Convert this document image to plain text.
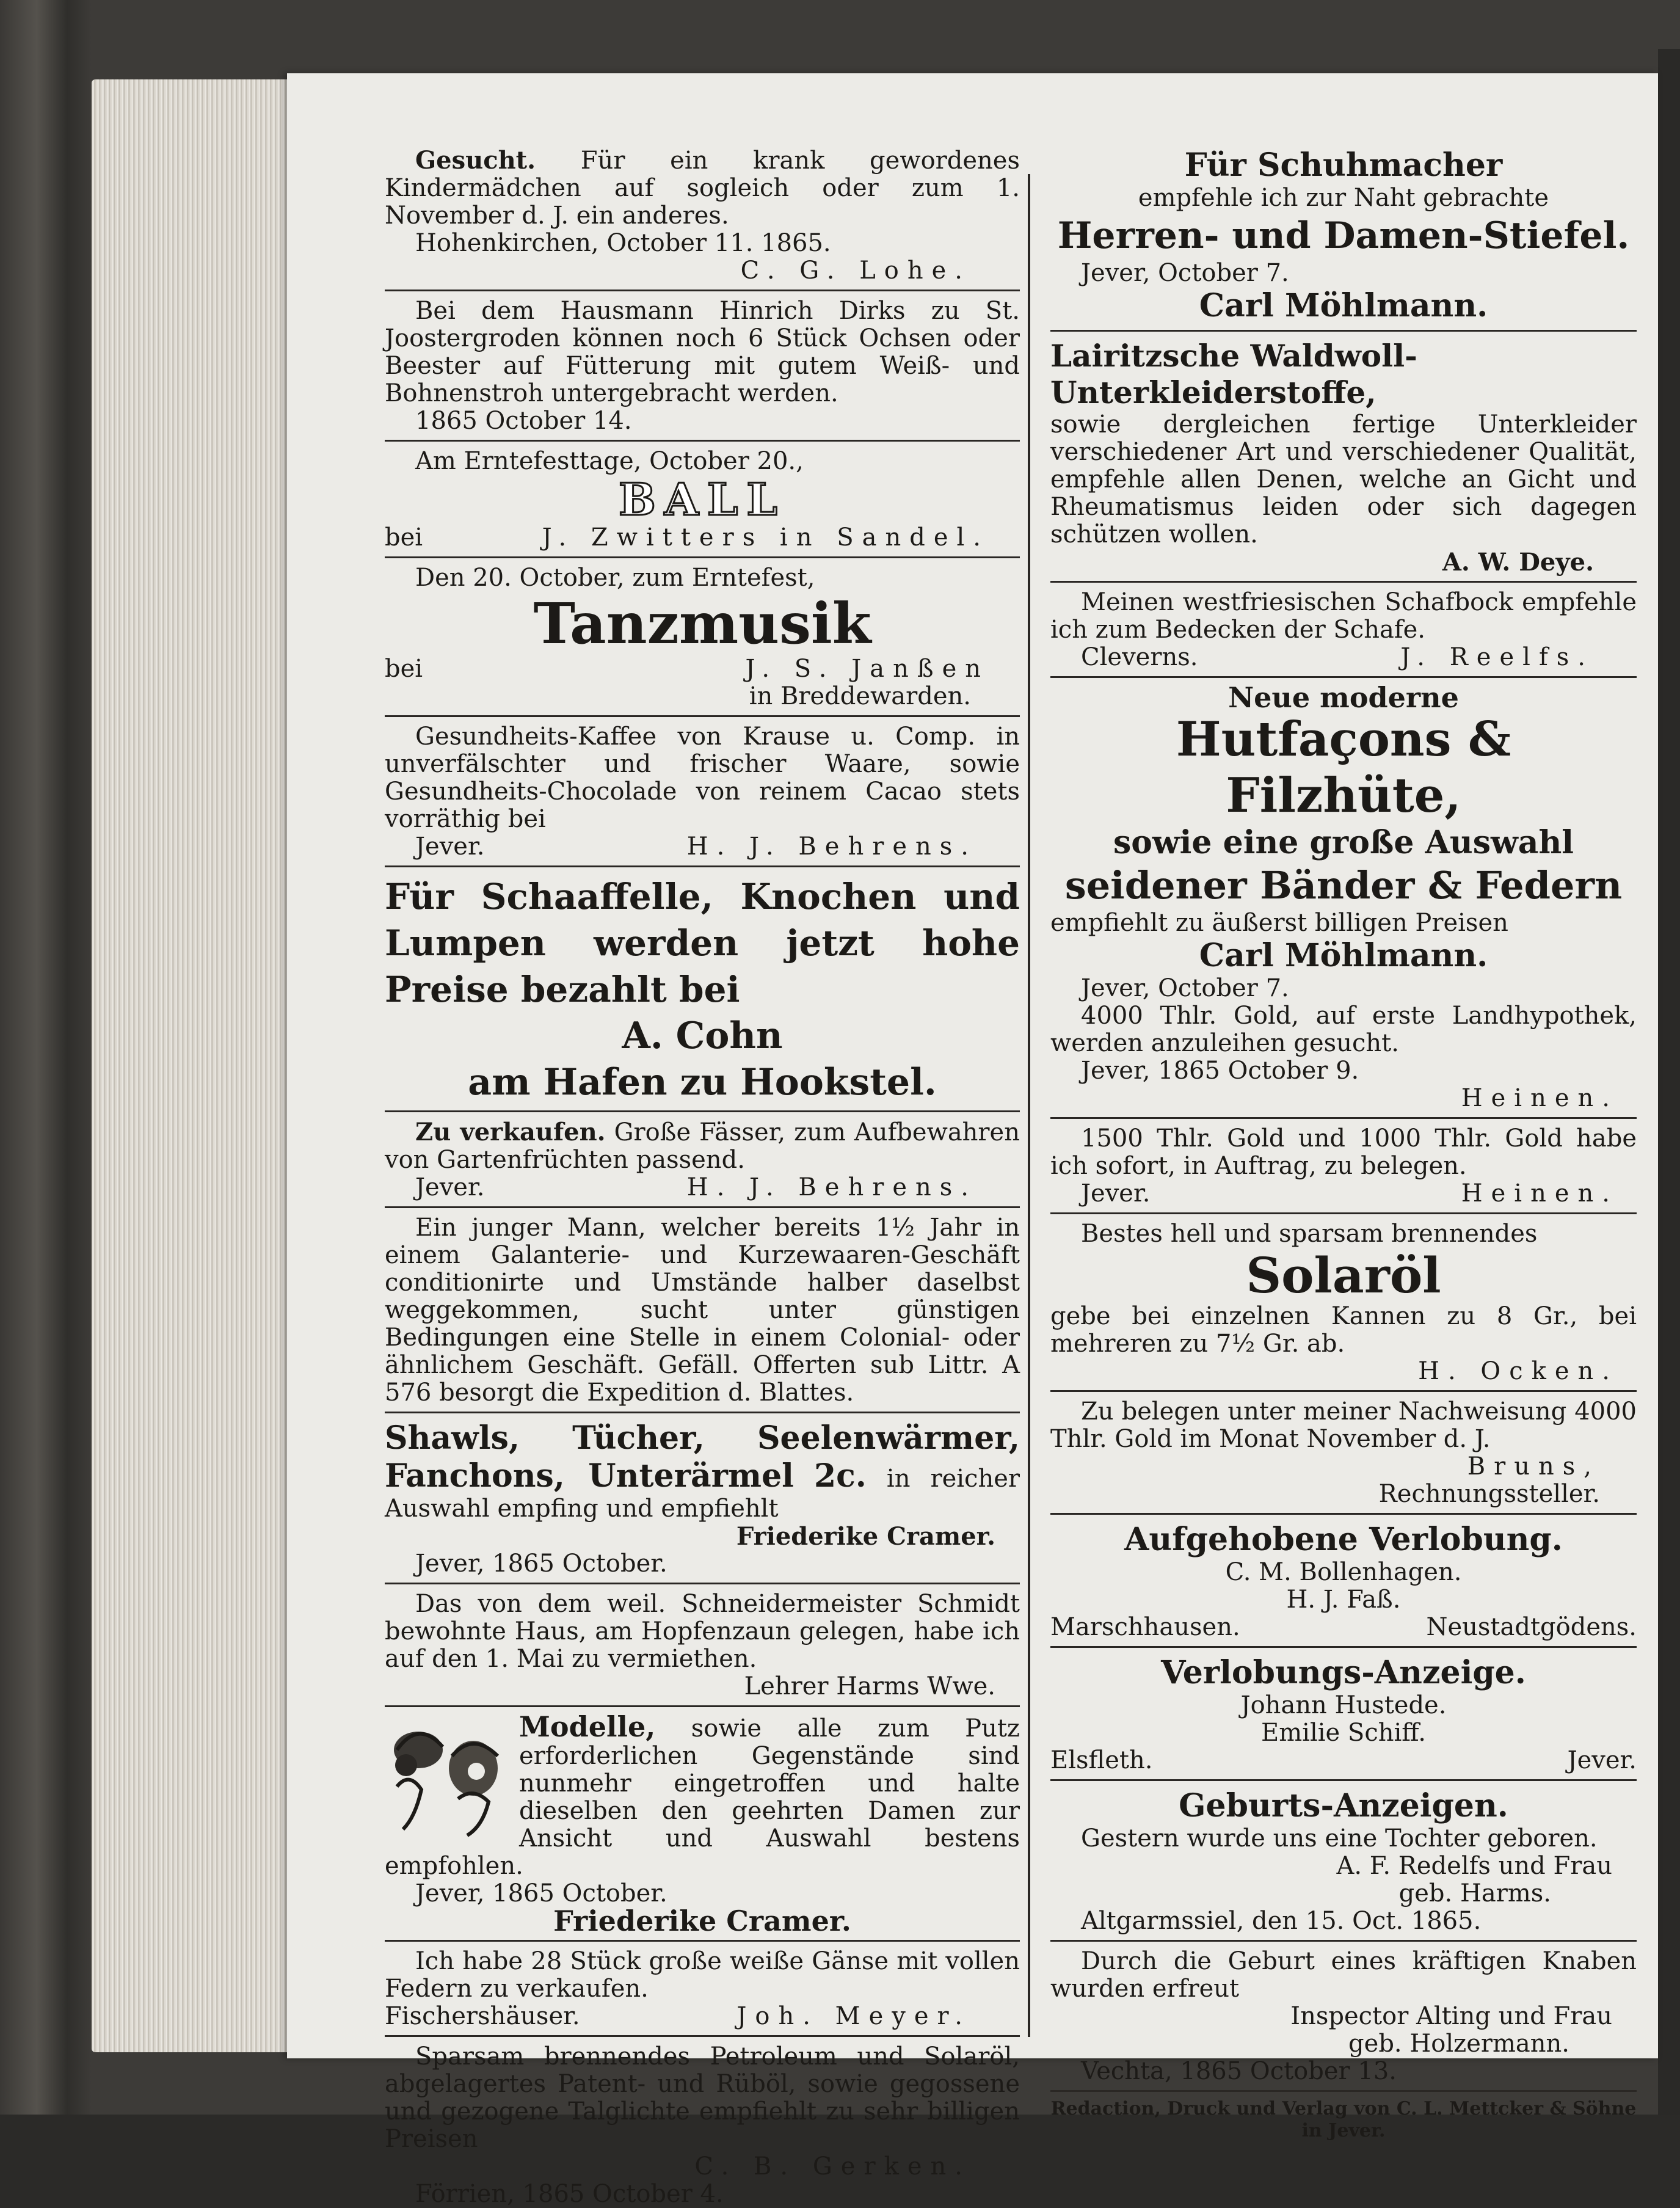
Gesucht. Für ein krank gewordenes Kindermädchen auf sogleich oder zum 1. November d. J. ein anderes.
Hohenkirchen, October 11. 1865.
C. G. Lohe.
Bei dem Hausmann Hinrich Dirks zu St. Joostergroden können noch 6 Stück Ochsen oder Beester auf Fütterung mit gutem Weiß- und Bohnenstroh untergebracht werden.
1865 October 14.
Am Erntefesttage, October 20.,
BALL
bei	J. Zwitters in Sandel.
Den 20. October, zum Erntefest,
Tanzmusik
bei	J. S. Janßen
in Breddewarden.
Gesundheits-Kaffee von Krause u. Comp. in unverfälschter und frischer Waare, sowie Gesundheits-Chocolade von reinem Cacao stets vorräthig bei
Jever.	H. J. Behrens.
Für Schaaffelle, Knochen und Lumpen werden jetzt hohe Preise bezahlt bei
A. Cohn
am Hafen zu Hookstel.
Zu verkaufen. Große Fässer, zum Aufbewahren von Gartenfrüchten passend.
Jever.	H. J. Behrens.
Ein junger Mann, welcher bereits 1½ Jahr in einem Galanterie- und Kurzewaaren-Geschäft conditionirte und Umstände halber daselbst weggekommen, sucht unter günstigen Bedingungen eine Stelle in einem Colonial- oder ähnlichem Geschäft. Gefäll. Offerten sub Littr. A 576 besorgt die Expedition d. Blattes.
Shawls, Tücher, Seelenwärmer, Fanchons, Unterärmel 2c. in reicher Auswahl empfing und empfiehlt
Friederike Cramer.
Jever, 1865 October.
Das von dem weil. Schneidermeister Schmidt bewohnte Haus, am Hopfenzaun gelegen, habe ich auf den 1. Mai zu vermiethen.
Lehrer Harms Wwe.
Modelle, sowie alle zum Putz erforderlichen Gegenstände sind nunmehr eingetroffen und halte dieselben den geehrten Damen zur Ansicht und Auswahl bestens empfohlen.
Jever, 1865 October.
Friederike Cramer.
Ich habe 28 Stück große weiße Gänse mit vollen Federn zu verkaufen.
Fischershäuser.	Joh. Meyer.
Sparsam brennendes Petroleum und Solaröl, abgelagertes Patent- und Rüböl, sowie gegossene und gezogene Talglichte empfiehlt zu sehr billigen Preisen
C. B. Gerken.
Förrien, 1865 October 4.
Für Schuhmacher
empfehle ich zur Naht gebrachte
Herren- und Damen-Stiefel.
Jever, October 7.
Carl Möhlmann.
Lairitzsche Waldwoll-Unterkleiderstoffe,
sowie dergleichen fertige Unterkleider verschiedener Art und verschiedener Qualität, empfehle allen Denen, welche an Gicht und Rheumatismus leiden oder sich dagegen schützen wollen.
A. W. Deye.
Meinen westfriesischen Schafbock empfehle ich zum Bedecken der Schafe.
Cleverns.	J. Reelfs.
Neue moderne
Hutfaçons & Filzhüte,
sowie eine große Auswahl
seidener Bänder & Federn
empfiehlt zu äußerst billigen Preisen
Carl Möhlmann.
Jever, October 7.
4000 Thlr. Gold, auf erste Landhypothek, werden anzuleihen gesucht.
Jever, 1865 October 9.
Heinen.
1500 Thlr. Gold und 1000 Thlr. Gold habe ich sofort, in Auftrag, zu belegen.
Jever.	Heinen.
Bestes hell und sparsam brennendes
Solaröl
gebe bei einzelnen Kannen zu 8 Gr., bei mehreren zu 7½ Gr. ab.
H. Ocken.
Zu belegen unter meiner Nachweisung 4000 Thlr. Gold im Monat November d. J.
Bruns,
Rechnungssteller.
Aufgehobene Verlobung.
C. M. Bollenhagen.
H. J. Faß.
Marschhausen.	Neustadtgödens.
Verlobungs-Anzeige.
Johann Hustede.
Emilie Schiff.
Elsfleth.	Jever.
Geburts-Anzeigen.
Gestern wurde uns eine Tochter geboren.
A. F. Redelfs und Frau
geb. Harms.
Altgarmssiel, den 15. Oct. 1865.
Durch die Geburt eines kräftigen Knaben wurden erfreut
Inspector Alting und Frau
geb. Holzermann.
Vechta, 1865 October 13.
Redaction, Druck und Verlag von C. L. Mettcker & Söhne in Jever.
